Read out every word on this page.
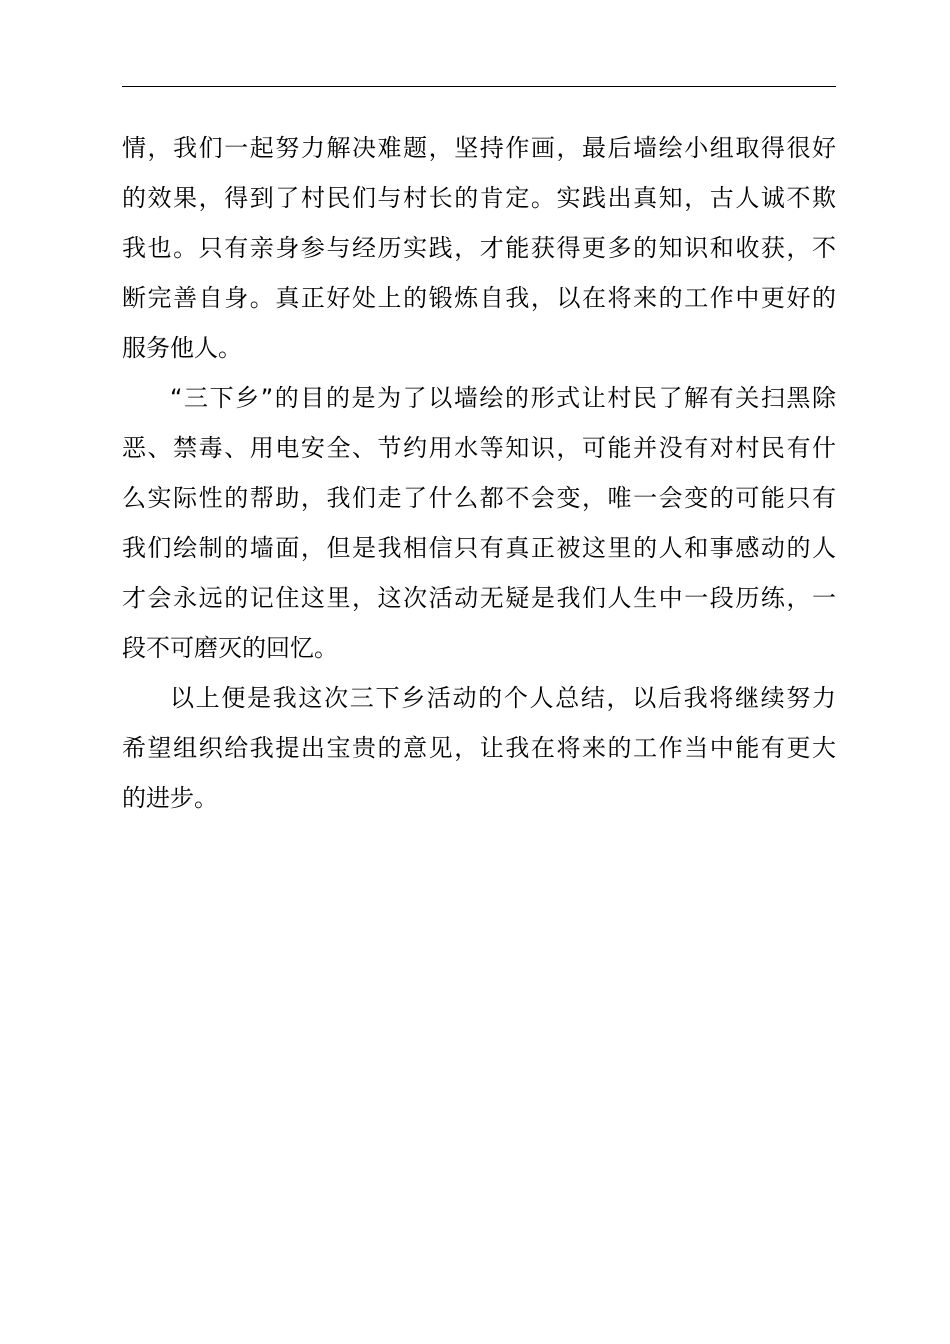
情，我们一起努力解决难题，坚持作画，最后墙绘小组取得很好
的效果，得到了村民们与村长的肯定。实践出真知，古人诚不欺
我也。只有亲身参与经历实践，才能获得更多的知识和收获，不
断完善自身。真正好处上的锻炼自我，以在将来的工作中更好的
服务他人。
“三下乡”的目的是为了以墙绘的形式让村民了解有关扫黑除
恶、禁毒、用电安全、节约用水等知识，可能并没有对村民有什
么实际性的帮助，我们走了什么都不会变，唯一会变的可能只有
我们绘制的墙面，但是我相信只有真正被这里的人和事感动的人
才会永远的记住这里，这次活动无疑是我们人生中一段历练，一
段不可磨灭的回忆。
以上便是我这次三下乡活动的个人总结，以后我将继续努力
希望组织给我提出宝贵的意见，让我在将来的工作当中能有更大
的进步。
